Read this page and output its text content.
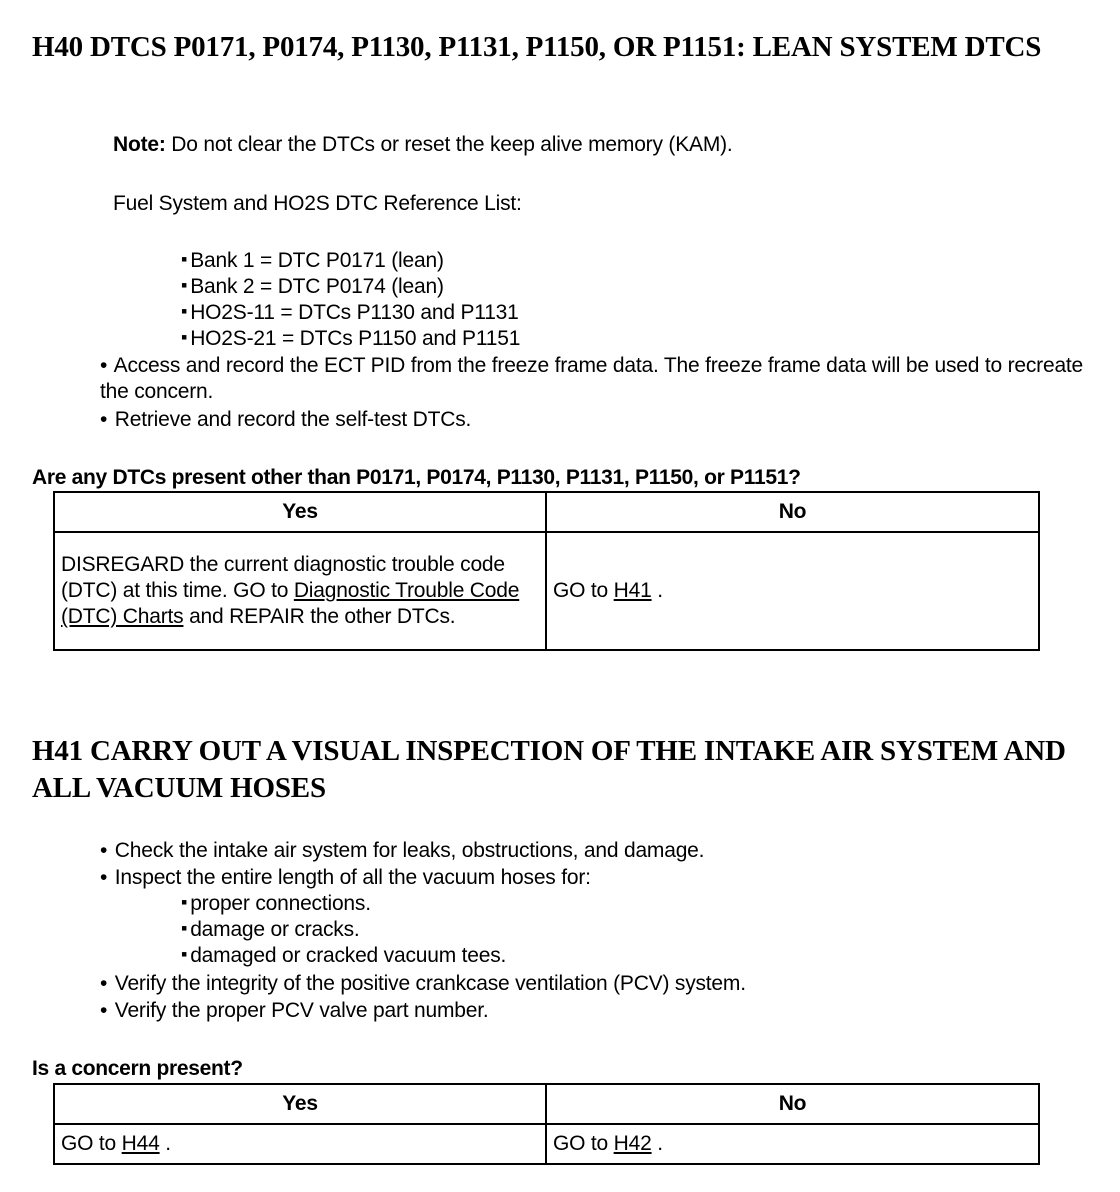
H40 DTCS P0171, P0174, P1130, P1131, P1150, OR P1151: LEAN SYSTEM DTCS
Note: Do not clear the DTCs or reset the keep alive memory (KAM).
Fuel System and HO2S DTC Reference List:
▪ Bank 1 = DTC P0171 (lean)
▪ Bank 2 = DTC P0174 (lean)
▪ HO2S-11 = DTCs P1130 and P1131
▪ HO2S-21 = DTCs P1150 and P1151
• Access and record the ECT PID from the freeze frame data. The freeze frame data will be used to recreate the concern.
• Retrieve and record the self-test DTCs.
Are any DTCs present other than P0171, P0174, P1130, P1131, P1150, or P1151?
Yes	No
DISREGARD the current diagnostic trouble code (DTC) at this time. GO to Diagnostic Trouble Code (DTC) Charts and REPAIR the other DTCs.	GO to H41 .
H41 CARRY OUT A VISUAL INSPECTION OF THE INTAKE AIR SYSTEM AND ALL VACUUM HOSES
• Check the intake air system for leaks, obstructions, and damage.
• Inspect the entire length of all the vacuum hoses for:
▪ proper connections.
▪ damage or cracks.
▪ damaged or cracked vacuum tees.
• Verify the integrity of the positive crankcase ventilation (PCV) system.
• Verify the proper PCV valve part number.
Is a concern present?
Yes	No
GO to H44 .	GO to H42 .
